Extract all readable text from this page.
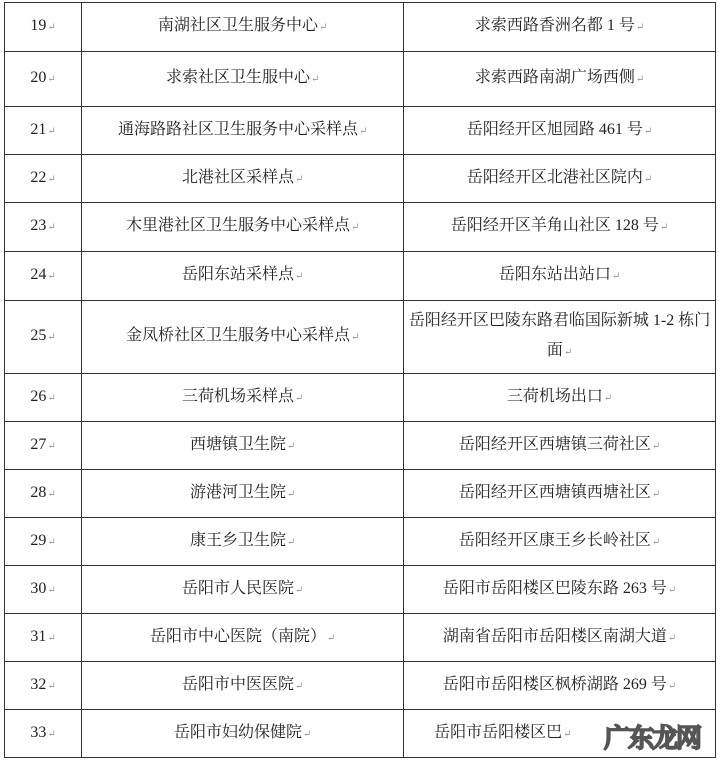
19↵	南湖社区卫生服务中心↵	求索西路香洲名都 1 号↵
20↵	求索社区卫生服中心↵	求索西路南湖广场西侧↵
21↵	通海路路社区卫生服务中心采样点↵	岳阳经开区旭园路 461 号↵
22↵	北港社区采样点↵	岳阳经开区北港社区院内↵
23↵	木里港社区卫生服务中心采样点↵	岳阳经开区羊角山社区 128 号↵
24↵	岳阳东站采样点↵	岳阳东站出站口↵
25↵	金凤桥社区卫生服务中心采样点↵	岳阳经开区巴陵东路君临国际新城 1-2 栋门面↵
26↵	三荷机场采样点↵	三荷机场出口↵
27↵	西塘镇卫生院↵	岳阳经开区西塘镇三荷社区↵
28↵	游港河卫生院↵	岳阳经开区西塘镇西塘社区↵
29↵	康王乡卫生院↵	岳阳经开区康王乡长岭社区↵
30↵	岳阳市人民医院↵	岳阳市岳阳楼区巴陵东路 263 号↵
31↵	岳阳市中心医院（南院）↵	湖南省岳阳市岳阳楼区南湖大道↵
32↵	岳阳市中医医院↵	岳阳市岳阳楼区枫桥湖路 269 号↵
33↵	岳阳市妇幼保健院↵	岳阳市岳阳楼区巴↵ 广东龙网
